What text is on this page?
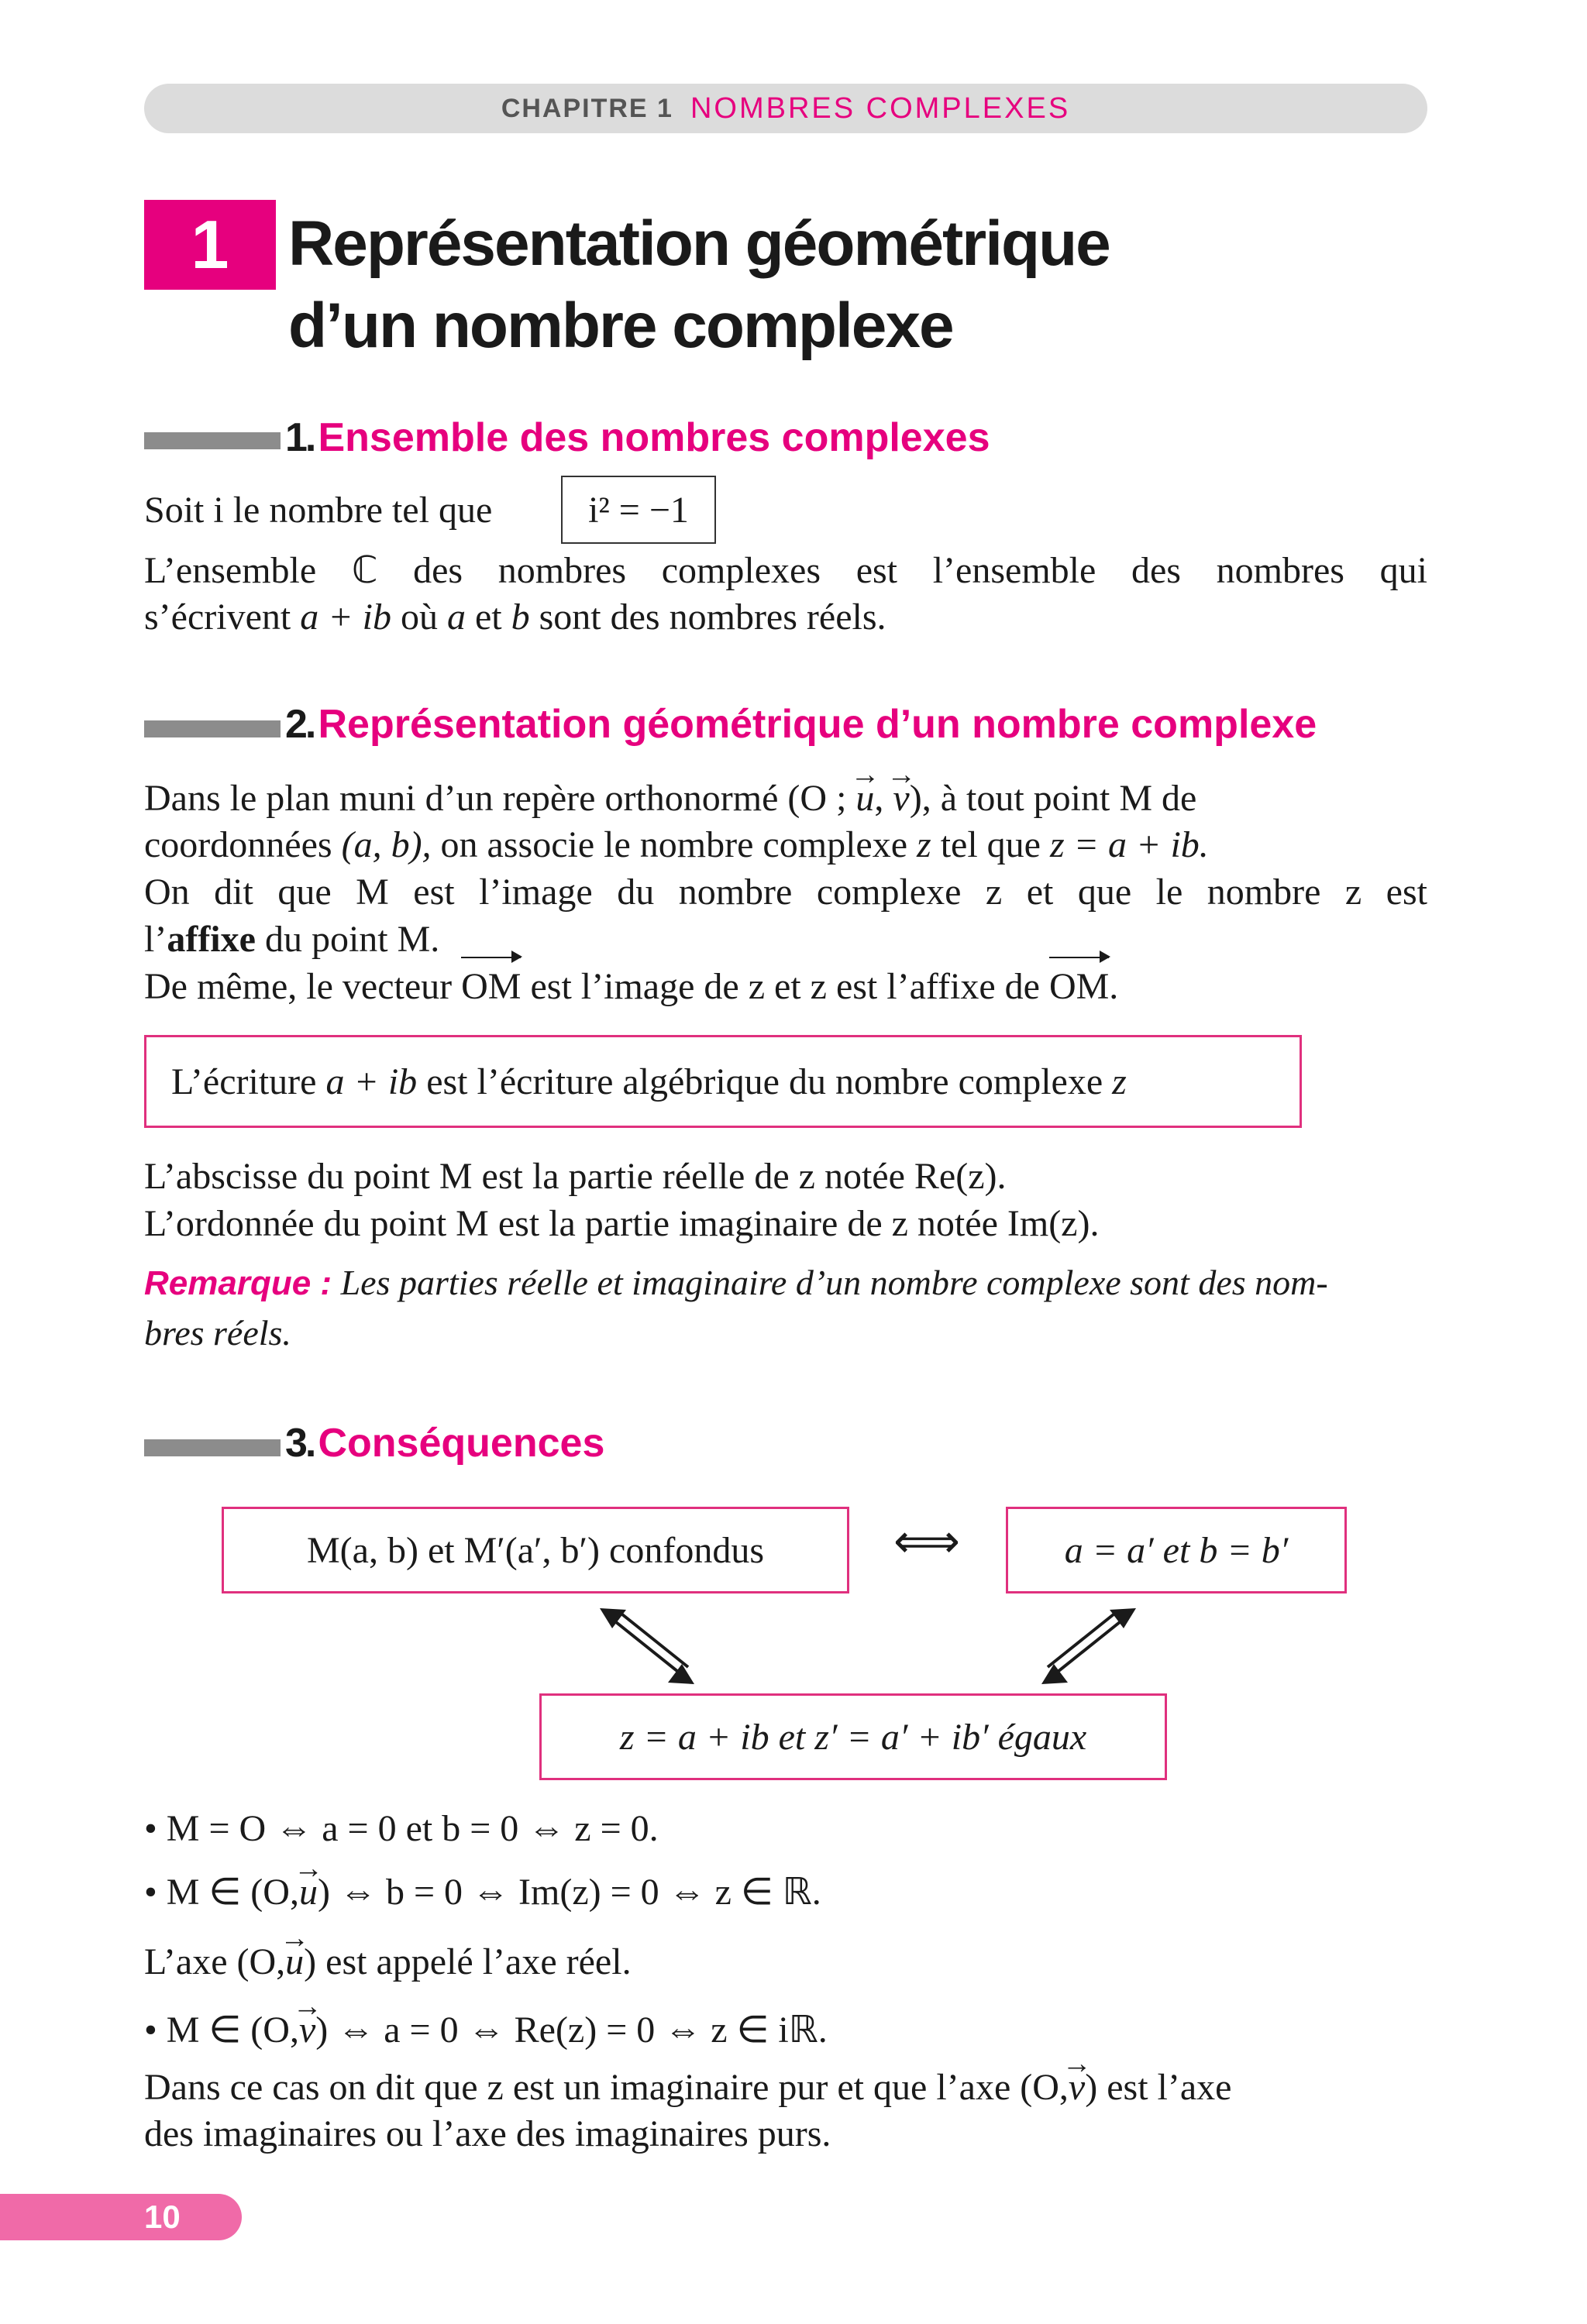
CHAPITRE 1 NOMBRES COMPLEXES
1 Représentation géométrique
d’un nombre complexe
1. Ensemble des nombres complexes
Soit i le nombre tel que	i² = −1
L’ensemble ℂ des nombres complexes est l’ensemble des nombres qui
s’écrivent a + ib où a et b sont des nombres réels.
2. Représentation géométrique d’un nombre complexe
Dans le plan muni d’un repère orthonormé (O ; → u, → v), à tout point M de
coordonnées (a, b), on associe le nombre complexe z tel que z = a + ib.
On dit que M est l’image du nombre complexe z et que le nombre z est
l’affixe du point M.
De même, le vecteur OM est l’image de z et z est l’affixe de OM.
L’écriture
a + ib
est l’écriture algébrique du nombre complexe
z
L’abscisse du point M est la partie réelle de z notée Re(z).
L’ordonnée du point M est la partie imaginaire de z notée Im(z).
Remarque : Les parties réelle et imaginaire d’un nombre complexe sont des nom-
bres réels.
3. Conséquences
M(a, b) et M′(a′, b′) confondus	⟺	a = a′ et b = b′
z = a + ib et z′ = a′ + ib′ égaux
• M = O ⇔ a = 0 et b = 0 ⇔ z = 0.
• M ∈ (O,→ u) ⇔ b = 0 ⇔ Im(z) = 0 ⇔ z ∈ ℝ.
L’axe (O,→ u) est appelé l’axe réel.
• M ∈ (O,→ v) ⇔ a = 0 ⇔ Re(z) = 0 ⇔ z ∈ iℝ.
Dans ce cas on dit que z est un imaginaire pur et que l’axe (O,→ v) est l’axe
des imaginaires ou l’axe des imaginaires purs.
10
